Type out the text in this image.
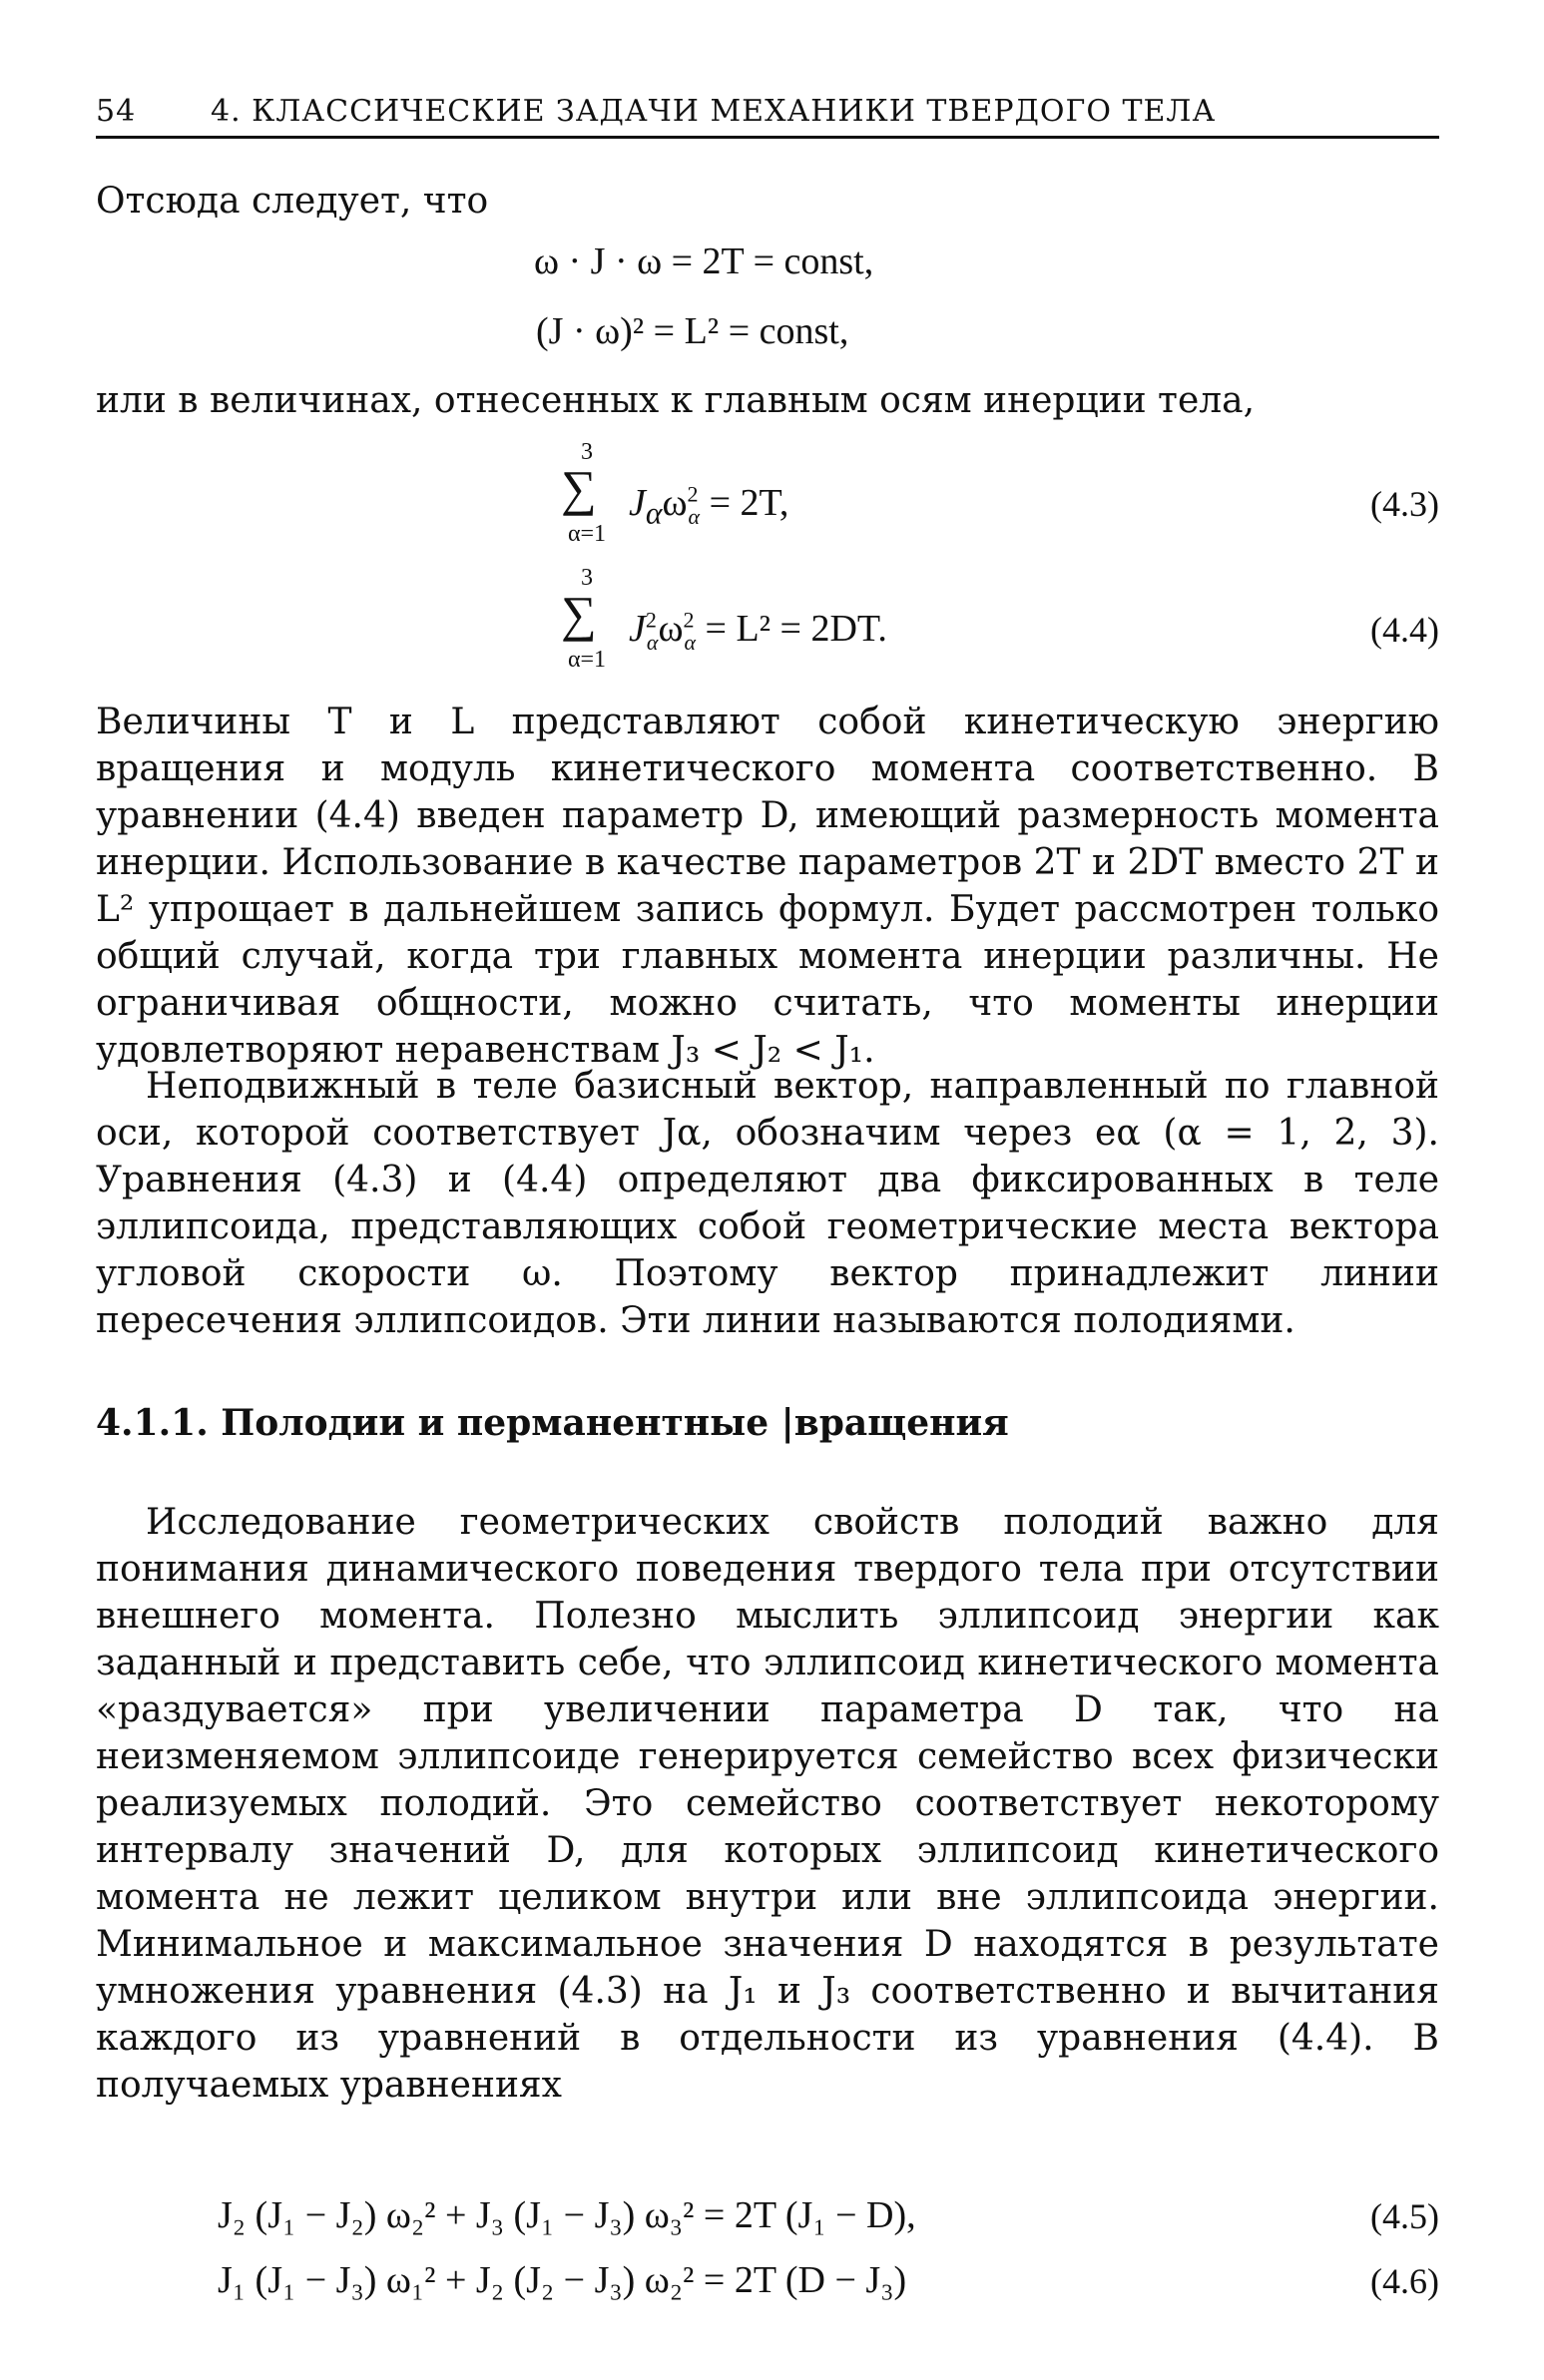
54 4. КЛАССИЧЕСКИЕ ЗАДАЧИ МЕХАНИКИ ТВЕРДОГО ТЕЛА
Отсюда следует, что
ω · J · ω = 2T = const,
(J · ω)² = L² = const,
или в величинах, отнесенных к главным осям инерции тела,
3
∑
α=1
$J_\alpha\omega^2_\alpha = 2T$,	(4.3)
3
∑
α=1
$J^2_\alpha\omega^2_\alpha = L^2 = 2DT$.	(4.4)
Величины T и L представляют собой кинетическую энергию вращения и модуль кинетического момента соответственно. В уравнении (4.4) введен параметр D, имеющий размерность момента инерции. Использование в качестве параметров 2T и 2DT вместо 2T и L² упрощает в дальнейшем запись формул. Будет рассмотрен только общий случай, когда три главных момента инерции различны. Не ограничивая общности, можно считать, что моменты инерции удовлетворяют неравенствам J₃ < J₂ < J₁.
Неподвижный в теле базисный вектор, направленный по главной оси, которой соответствует Jα, обозначим через eα (α = 1, 2, 3). Уравнения (4.3) и (4.4) определяют два фиксированных в теле эллипсоида, представляющих собой геометрические места вектора угловой скорости ω. Поэтому вектор принадлежит линии пересечения эллипсоидов. Эти линии называются полодиями.
4.1.1. Полодии и перманентные |вращения
Исследование геометрических свойств полодий важно для понимания динамического поведения твердого тела при отсутствии внешнего момента. Полезно мыслить эллипсоид энергии как заданный и представить себе, что эллипсоид кинетического момента «раздувается» при увеличении параметра D так, что на неизменяемом эллипсоиде генерируется семейство всех физически реализуемых полодий. Это семейство соответствует некоторому интервалу значений D, для которых эллипсоид кинетического момента не лежит целиком внутри или вне эллипсоида энергии. Минимальное и максимальное значения D находятся в результате умножения уравнения (4.3) на J₁ и J₃ соответственно и вычитания каждого из уравнений в отдельности из уравнения (4.4). В получаемых уравнениях
J₂ (J₁ − J₂) ω₂² + J₃ (J₁ − J₃) ω₃² = 2T (J₁ − D),	(4.5)
J₁ (J₁ − J₃) ω₁² + J₂ (J₂ − J₃) ω₂² = 2T (D − J₃)	(4.6)
